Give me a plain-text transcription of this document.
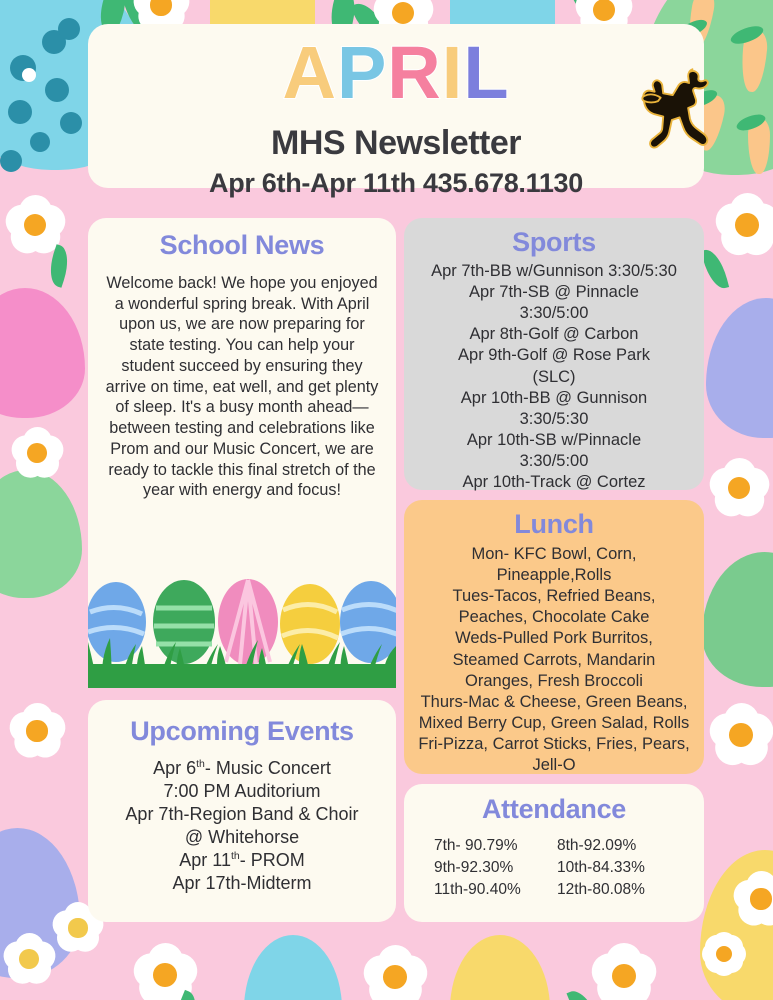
APRIL
MHS Newsletter
Apr 6th-Apr 11th 435.678.1130
School News
Welcome back! We hope you enjoyed a wonderful spring break. With April upon us, we are now preparing for state testing. You can help your student succeed by ensuring they arrive on time, eat well, and get plenty of sleep. It's a busy month ahead—between testing and celebrations like Prom and our Music Concert, we are ready to tackle this final stretch of the year with energy and focus!
Sports
Apr 7th-BB w/Gunnison 3:30/5:30
Apr 7th-SB @ Pinnacle
3:30/5:00
Apr 8th-Golf @ Carbon
Apr 9th-Golf @ Rose Park
(SLC)
Apr 10th-BB @ Gunnison
3:30/5:30
Apr 10th-SB w/Pinnacle
3:30/5:00
Apr 10th-Track @ Cortez
Lunch
Mon- KFC Bowl, Corn,
Pineapple,Rolls
Tues-Tacos, Refried Beans,
Peaches, Chocolate Cake
Weds-Pulled Pork Burritos,
Steamed Carrots, Mandarin
Oranges, Fresh Broccoli
Thurs-Mac & Cheese, Green Beans,
Mixed Berry Cup, Green Salad, Rolls
Fri-Pizza, Carrot Sticks, Fries, Pears,
Jell-O
Upcoming Events
Apr 6th- Music Concert
7:00 PM Auditorium
Apr 7th-Region Band & Choir
@ Whitehorse
Apr 11th- PROM
Apr 17th-Midterm
Attendance
7th- 90.79%	8th-92.09%
9th-92.30%	10th-84.33%
11th-90.40%	12th-80.08%
